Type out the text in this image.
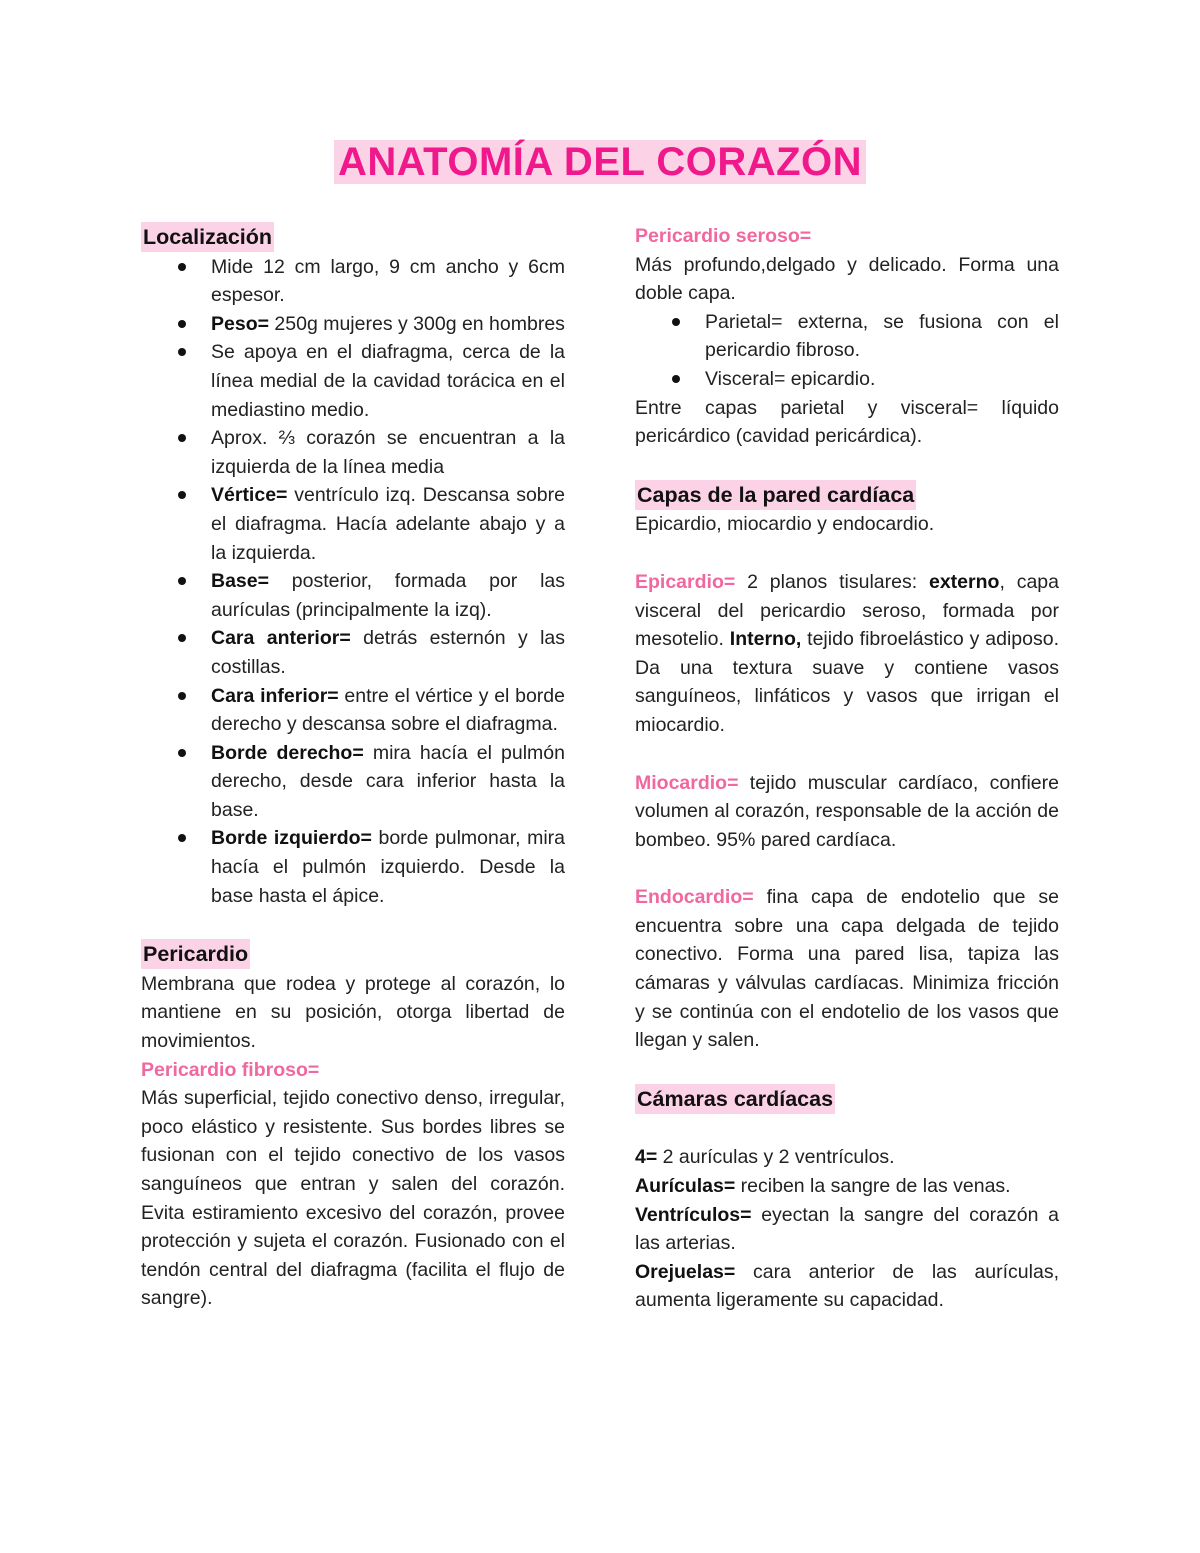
ANATOMÍA DEL CORAZÓN
Localización
Mide 12 cm largo, 9 cm ancho y 6cm espesor.
Peso= 250g mujeres y 300g en hombres
Se apoya en el diafragma, cerca de la línea medial de la cavidad torácica en el mediastino medio.
Aprox. ⅔ corazón se encuentran a la izquierda de la línea media
Vértice= ventrículo izq. Descansa sobre el diafragma. Hacía adelante abajo y a la izquierda.
Base= posterior, formada por las aurículas (principalmente la izq).
Cara anterior= detrás esternón y las costillas.
Cara inferior= entre el vértice y el borde derecho y descansa sobre el diafragma.
Borde derecho= mira hacía el pulmón derecho, desde cara inferior hasta la base.
Borde izquierdo= borde pulmonar, mira hacía el pulmón izquierdo. Desde la base hasta el ápice.
Pericardio

Membrana que rodea y protege al corazón, lo mantiene en su posición, otorga libertad de movimientos.

Pericardio fibroso=

Más superficial, tejido conectivo denso, irregular, poco elástico y resistente. Sus bordes libres se fusionan con el tejido conectivo de los vasos sanguíneos que entran y salen del corazón. Evita estiramiento excesivo del corazón, provee protección y sujeta el corazón. Fusionado con el tendón central del diafragma (facilita el flujo de sangre).

Pericardio seroso=

Más profundo,delgado y delicado. Forma una doble capa.

Parietal= externa, se fusiona con el pericardio fibroso.
Visceral= epicardio.

Entre capas parietal y visceral= líquido pericárdico (cavidad pericárdica).

Capas de la pared cardíaca

Epicardio, miocardio y endocardio.

Epicardio= 2 planos tisulares: externo, capa visceral del pericardio seroso, formada por mesotelio. Interno, tejido fibroelástico y adiposo. Da una textura suave y contiene vasos sanguíneos, linfáticos y vasos que irrigan el miocardio.

Miocardio= tejido muscular cardíaco, confiere volumen al corazón, responsable de la acción de bombeo. 95% pared cardíaca.

Endocardio= fina capa de endotelio que se encuentra sobre una capa delgada de tejido conectivo. Forma una pared lisa, tapiza las cámaras y válvulas cardíacas. Minimiza fricción y se continúa con el endotelio de los vasos que llegan y salen.

Cámaras cardíacas

4= 2 aurículas y 2 ventrículos.

Aurículas= reciben la sangre de las venas.

Ventrículos= eyectan la sangre del corazón a las arterias.

Orejuelas= cara anterior de las aurículas, aumenta ligeramente su capacidad.
